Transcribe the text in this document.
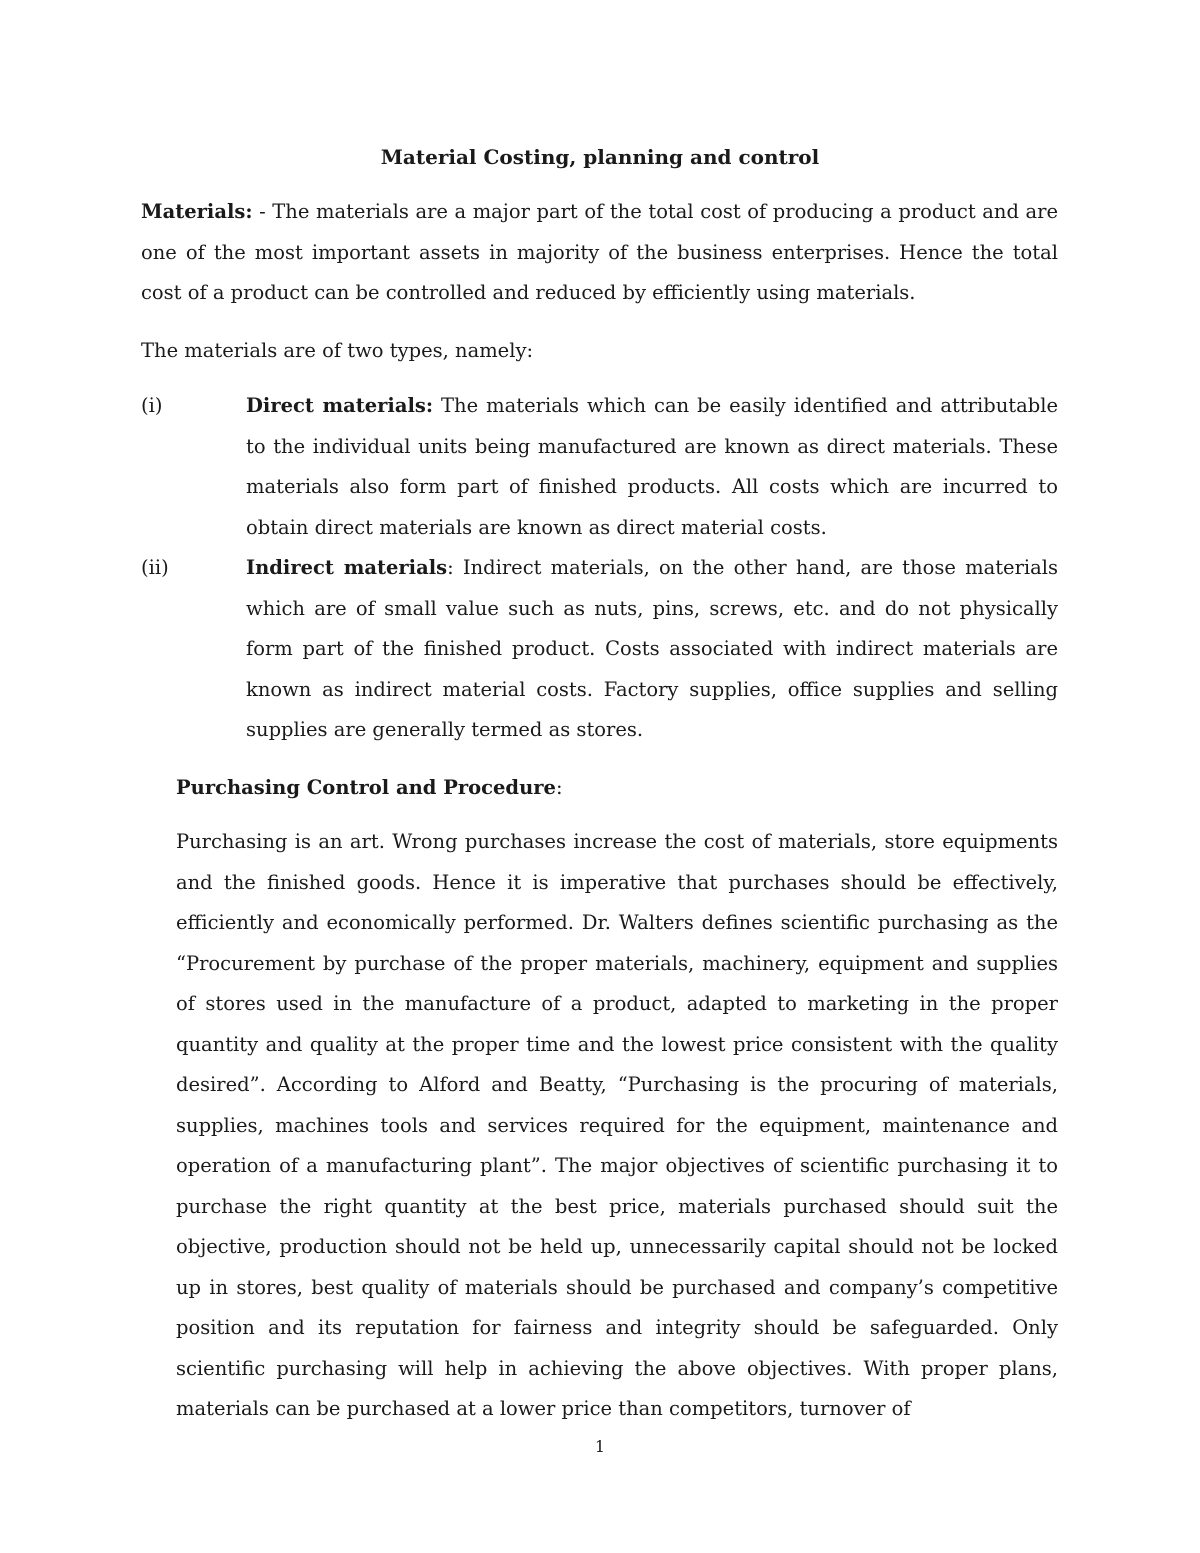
Material Costing, planning and control

Materials: - The materials are a major part of the total cost of producing a product and are one of the most important assets in majority of the business enterprises. Hence the total cost of a product can be controlled and reduced by efficiently using materials.

The materials are of two types, namely:

(i)	Direct materials: The materials which can be easily identified and attributable to the individual units being manufactured are known as direct materials. These materials also form part of finished products. All costs which are incurred to obtain direct materials are known as direct material costs.

(ii)	Indirect materials: Indirect materials, on the other hand, are those materials which are of small value such as nuts, pins, screws, etc. and do not physically form part of the finished product. Costs associated with indirect materials are known as indirect material costs. Factory supplies, office supplies and selling supplies are generally termed as stores.

Purchasing Control and Procedure:

Purchasing is an art. Wrong purchases increase the cost of materials, store equipments and the finished goods. Hence it is imperative that purchases should be effectively, efficiently and economically performed. Dr. Walters defines scientific purchasing as the “Procurement by purchase of the proper materials, machinery, equipment and supplies of stores used in the manufacture of a product, adapted to marketing in the proper quantity and quality at the proper time and the lowest price consistent with the quality desired”. According to Alford and Beatty, “Purchasing is the procuring of materials, supplies, machines tools and services required for the equipment, maintenance and operation of a manufacturing plant”. The major objectives of scientific purchasing it to purchase the right quantity at the best price, materials purchased should suit the objective, production should not be held up, unnecessarily capital should not be locked up in stores, best quality of materials should be purchased and company’s competitive position and its reputation for fairness and integrity should be safeguarded. Only scientific purchasing will help in achieving the above objectives. With proper plans, materials can be purchased at a lower price than competitors, turnover of

1
